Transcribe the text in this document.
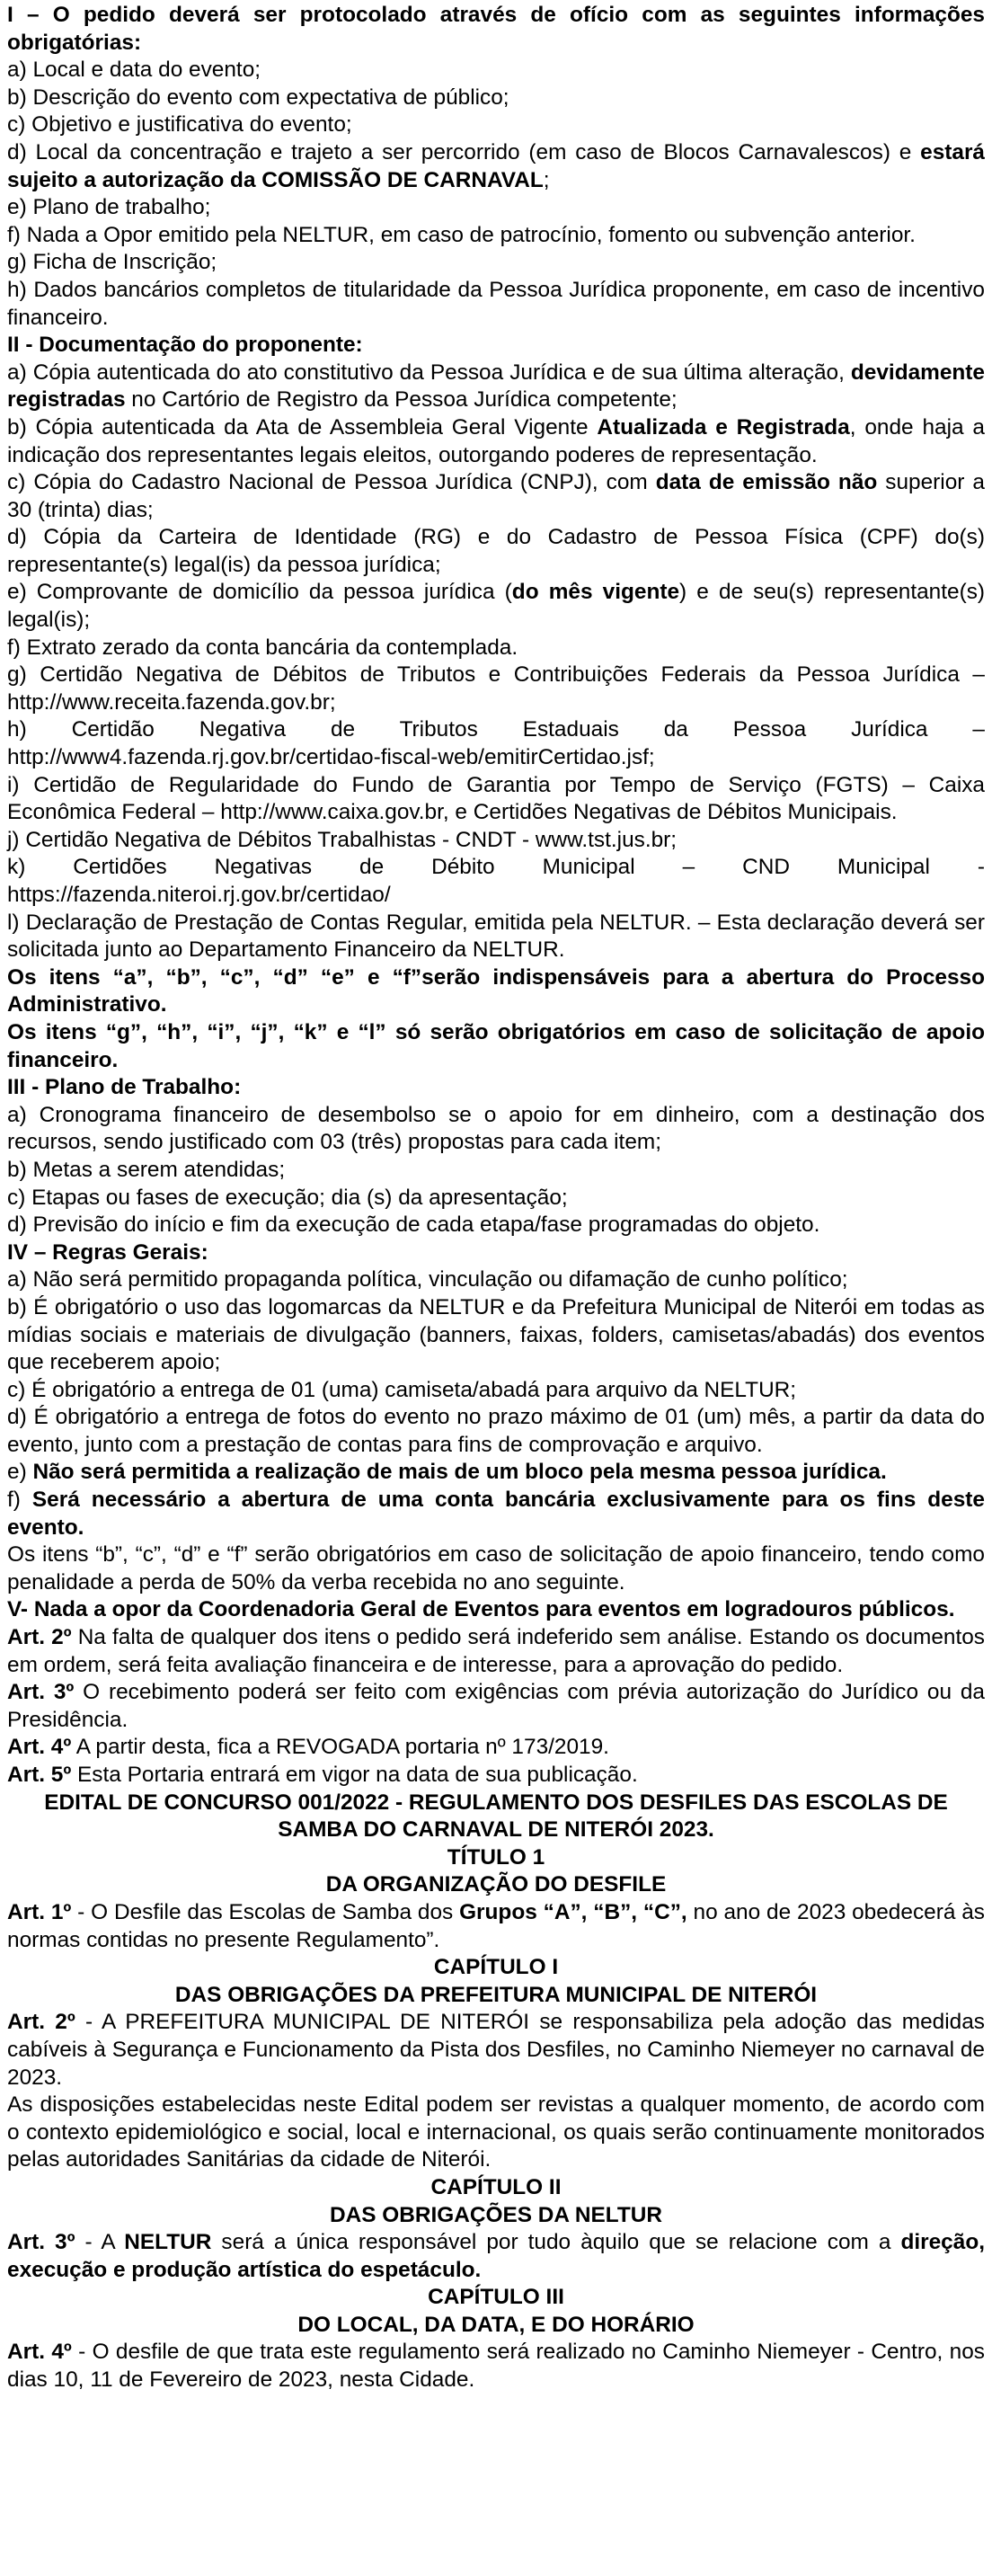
I – O pedido deverá ser protocolado através de ofício com as seguintes informações obrigatórias:

a) Local e data do evento;

b) Descrição do evento com expectativa de público;

c) Objetivo e justificativa do evento;

d) Local da concentração e trajeto a ser percorrido (em caso de Blocos Carnavalescos) e estará sujeito a autorização da COMISSÃO DE CARNAVAL;

e) Plano de trabalho;

f) Nada a Opor emitido pela NELTUR, em caso de patrocínio, fomento ou subvenção anterior.

g) Ficha de Inscrição;

h) Dados bancários completos de titularidade da Pessoa Jurídica proponente, em caso de incentivo financeiro.

II - Documentação do proponente:

a) Cópia autenticada do ato constitutivo da Pessoa Jurídica e de sua última alteração, devidamente registradas no Cartório de Registro da Pessoa Jurídica competente;

b) Cópia autenticada da Ata de Assembleia Geral Vigente Atualizada e Registrada, onde haja a indicação dos representantes legais eleitos, outorgando poderes de representação.

c) Cópia do Cadastro Nacional de Pessoa Jurídica (CNPJ), com data de emissão não superior a 30 (trinta) dias;

d) Cópia da Carteira de Identidade (RG) e do Cadastro de Pessoa Física (CPF) do(s) representante(s) legal(is) da pessoa jurídica;

e) Comprovante de domicílio da pessoa jurídica (do mês vigente) e de seu(s) representante(s) legal(is);

f) Extrato zerado da conta bancária da contemplada.

g) Certidão Negativa de Débitos de Tributos e Contribuições Federais da Pessoa Jurídica – http://www.receita.fazenda.gov.br;

h) Certidão Negativa de Tributos Estaduais da Pessoa Jurídica – http://www4.fazenda.rj.gov.br/certidao-fiscal-web/emitirCertidao.jsf;

i) Certidão de Regularidade do Fundo de Garantia por Tempo de Serviço (FGTS) – Caixa Econômica Federal – http://www.caixa.gov.br, e Certidões Negativas de Débitos Municipais.

j) Certidão Negativa de Débitos Trabalhistas - CNDT - www.tst.jus.br;

k) Certidões Negativas de Débito Municipal – CND Municipal - https://fazenda.niteroi.rj.gov.br/certidao/

l) Declaração de Prestação de Contas Regular, emitida pela NELTUR. – Esta declaração deverá ser solicitada junto ao Departamento Financeiro da NELTUR.

Os itens “a”, “b”, “c”, “d” “e” e “f”serão indispensáveis para a abertura do Processo Administrativo.

Os itens “g”, “h”, “i”, “j”, “k” e “l” só serão obrigatórios em caso de solicitação de apoio financeiro.

III - Plano de Trabalho:

a) Cronograma financeiro de desembolso se o apoio for em dinheiro, com a destinação dos recursos, sendo justificado com 03 (três) propostas para cada item;

b) Metas a serem atendidas;

c) Etapas ou fases de execução; dia (s) da apresentação;

d) Previsão do início e fim da execução de cada etapa/fase programadas do objeto.

IV – Regras Gerais:

a) Não será permitido propaganda política, vinculação ou difamação de cunho político;

b) É obrigatório o uso das logomarcas da NELTUR e da Prefeitura Municipal de Niterói em todas as mídias sociais e materiais de divulgação (banners, faixas, folders, camisetas/abadás) dos eventos que receberem apoio;

c) É obrigatório a entrega de 01 (uma) camiseta/abadá para arquivo da NELTUR;

d) É obrigatório a entrega de fotos do evento no prazo máximo de 01 (um) mês, a partir da data do evento, junto com a prestação de contas para fins de comprovação e arquivo.

e) Não será permitida a realização de mais de um bloco pela mesma pessoa jurídica.

f) Será necessário a abertura de uma conta bancária exclusivamente para os fins deste evento.

Os itens “b”, “c”, “d” e “f” serão obrigatórios em caso de solicitação de apoio financeiro, tendo como penalidade a perda de 50% da verba recebida no ano seguinte.

V- Nada a opor da Coordenadoria Geral de Eventos para eventos em logradouros públicos.

Art. 2º Na falta de qualquer dos itens o pedido será indeferido sem análise. Estando os documentos em ordem, será feita avaliação financeira e de interesse, para a aprovação do pedido.

Art. 3º O recebimento poderá ser feito com exigências com prévia autorização do Jurídico ou da Presidência.

Art. 4º A partir desta, fica a REVOGADA portaria nº 173/2019.

Art. 5º Esta Portaria entrará em vigor na data de sua publicação.

EDITAL DE CONCURSO 001/2022 - REGULAMENTO DOS DESFILES DAS ESCOLAS DE SAMBA DO CARNAVAL DE NITERÓI 2023.

TÍTULO 1

DA ORGANIZAÇÃO DO DESFILE

Art. 1º - O Desfile das Escolas de Samba dos Grupos “A”, “B”, “C”, no ano de 2023 obedecerá às normas contidas no presente Regulamento”.

CAPÍTULO I

DAS OBRIGAÇÕES DA PREFEITURA MUNICIPAL DE NITERÓI

Art. 2º - A PREFEITURA MUNICIPAL DE NITERÓI se responsabiliza pela adoção das medidas cabíveis à Segurança e Funcionamento da Pista dos Desfiles, no Caminho Niemeyer no carnaval de 2023.

As disposições estabelecidas neste Edital podem ser revistas a qualquer momento, de acordo com o contexto epidemiológico e social, local e internacional, os quais serão continuamente monitorados pelas autoridades Sanitárias da cidade de Niterói.

CAPÍTULO II

DAS OBRIGAÇÕES DA NELTUR

Art. 3º - A NELTUR será a única responsável por tudo àquilo que se relacione com a direção, execução e produção artística do espetáculo.

CAPÍTULO III

DO LOCAL, DA DATA, E DO HORÁRIO

Art. 4º - O desfile de que trata este regulamento será realizado no Caminho Niemeyer - Centro, nos dias 10, 11 de Fevereiro de 2023, nesta Cidade.
